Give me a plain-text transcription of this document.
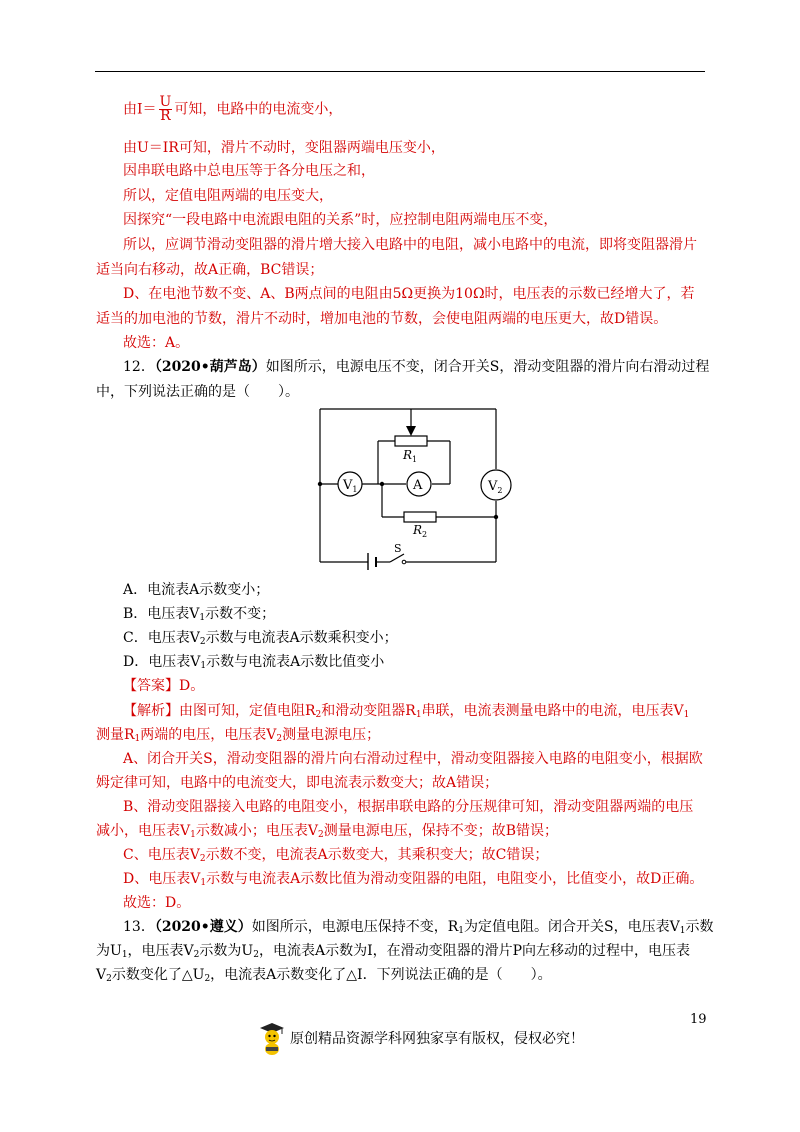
由$I= \frac{U}{R}$ 可知，电路中的电流变小，
由U＝IR可知，滑片不动时，变阻器两端电压变小，
因串联电路中总电压等于各分电压之和，
所以，定值电阻两端的电压变大，
因探究“一段电路中电流跟电阻的关系”时，应控制电阻两端电压不变，
所以，应调节滑动变阻器的滑片增大接入电路中的电阻，减小电路中的电流，即将变阻器滑片
适当向右移动，故A正确，BC错误；
D、在电池节数不变、A、B两点间的电阻由5Ω更换为10Ω时，电压表的示数已经增大了，若
适当的加电池的节数，滑片不动时，增加电池的节数，会使电阻两端的电压更大，故D错误。
故选：A。
12．（2020•葫芦岛）如图所示，电源电压不变，闭合开关S，滑动变阻器的滑片向右滑动过程
中，下列说法正确的是（　　）。
$V_1$	A	$V_2$
$R_1$
$R_2$
S
A．电流表A示数变小；
B．电压表$V_1$示数不变；
C．电压表$V_2$示数与电流表A示数乘积变小；
D．电压表$V_1$示数与电流表A示数比值变小
【答案】D。
【解析】由图可知，定值电阻$R_2$和滑动变阻器$R_1$串联，电流表测量电路中的电流，电压表$V_1$
测量$R_1$两端的电压，电压表$V_2$测量电源电压；
A、闭合开关S，滑动变阻器的滑片向右滑动过程中，滑动变阻器接入电路的电阻变小，根据欧
姆定律可知，电路中的电流变大，即电流表示数变大；故A错误；
B、滑动变阻器接入电路的电阻变小，根据串联电路的分压规律可知，滑动变阻器两端的电压
减小，电压表$V_1$示数减小；电压表$V_2$测量电源电压，保持不变；故B错误；
C、电压表$V_2$示数不变，电流表A示数变大，其乘积变大；故C错误；
D、电压表$V_1$示数与电流表A示数比值为滑动变阻器的电阻，电阻变小，比值变小，故D正确。
故选：D。
13．（2020•遵义）如图所示，电源电压保持不变，$R_1$为定值电阻。闭合开关S，电压表$V_1$示数
为$U_1$，电压表$V_2$示数为$U_2$，电流表A示数为I，在滑动变阻器的滑片P向左移动的过程中，电压表
$V_2$示数变化了$\triangle U_2$，电流表A示数变化了△I．下列说法正确的是（　　）。
19
原创精品资源学科网独家享有版权，侵权必究！
